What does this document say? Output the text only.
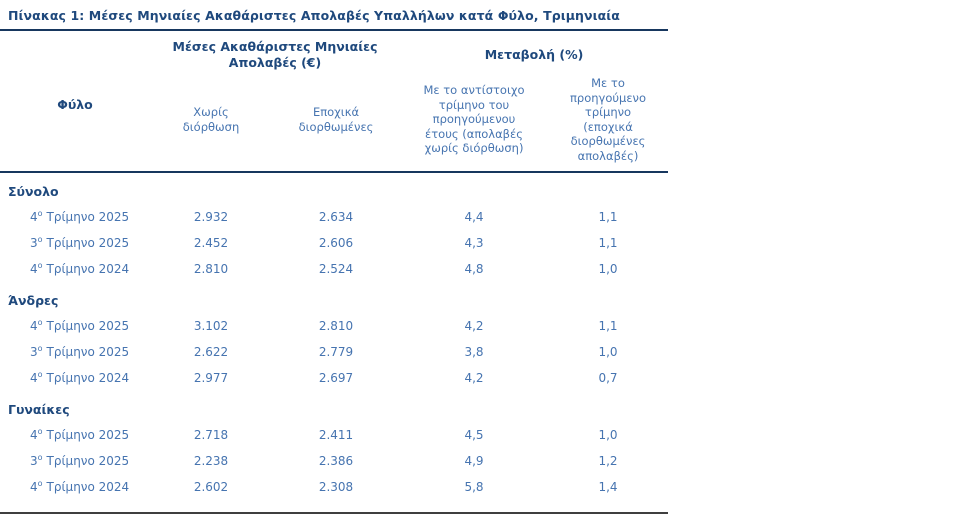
Πίνακας 1: Μέσες Μηνιαίες Ακαθάριστες Απολαβές Υπαλλήλων κατά Φύλο, Τριμηνιαία
Φύλο	Μέσες Ακαθάριστες Μηνιαίες Απολαβές (€)		Μεταβολή (%)	
	Χωρίς διόρθωση	Εποχικά διορθωμένες	Με το αντίστοιχο τρίμηνο του προηγούμενου έτους (απολαβές χωρίς διόρθωση)	Με το προηγούμενο τρίμηνο (εποχικά διορθωμένες απολαβές)
Σύνολο				
$4^o$ Τρίμηνο 2025	2.932	2.634	4,4	1,1
$3^o$ Τρίμηνο 2025	2.452	2.606	4,3	1,1
$4^o$ Τρίμηνο 2024	2.810	2.524	4,8	1,0
Άνδρες				
$4^o$ Τρίμηνο 2025	3.102	2.810	4,2	1,1
$3^o$ Τρίμηνο 2025	2.622	2.779	3,8	1,0
$4^o$ Τρίμηνο 2024	2.977	2.697	4,2	0,7
Γυναίκες				
$4^o$ Τρίμηνο 2025	2.718	2.411	4,5	1,0
$3^o$ Τρίμηνο 2025	2.238	2.386	4,9	1,2
$4^o$ Τρίμηνο 2024	2.602	2.308	5,8	1,4
